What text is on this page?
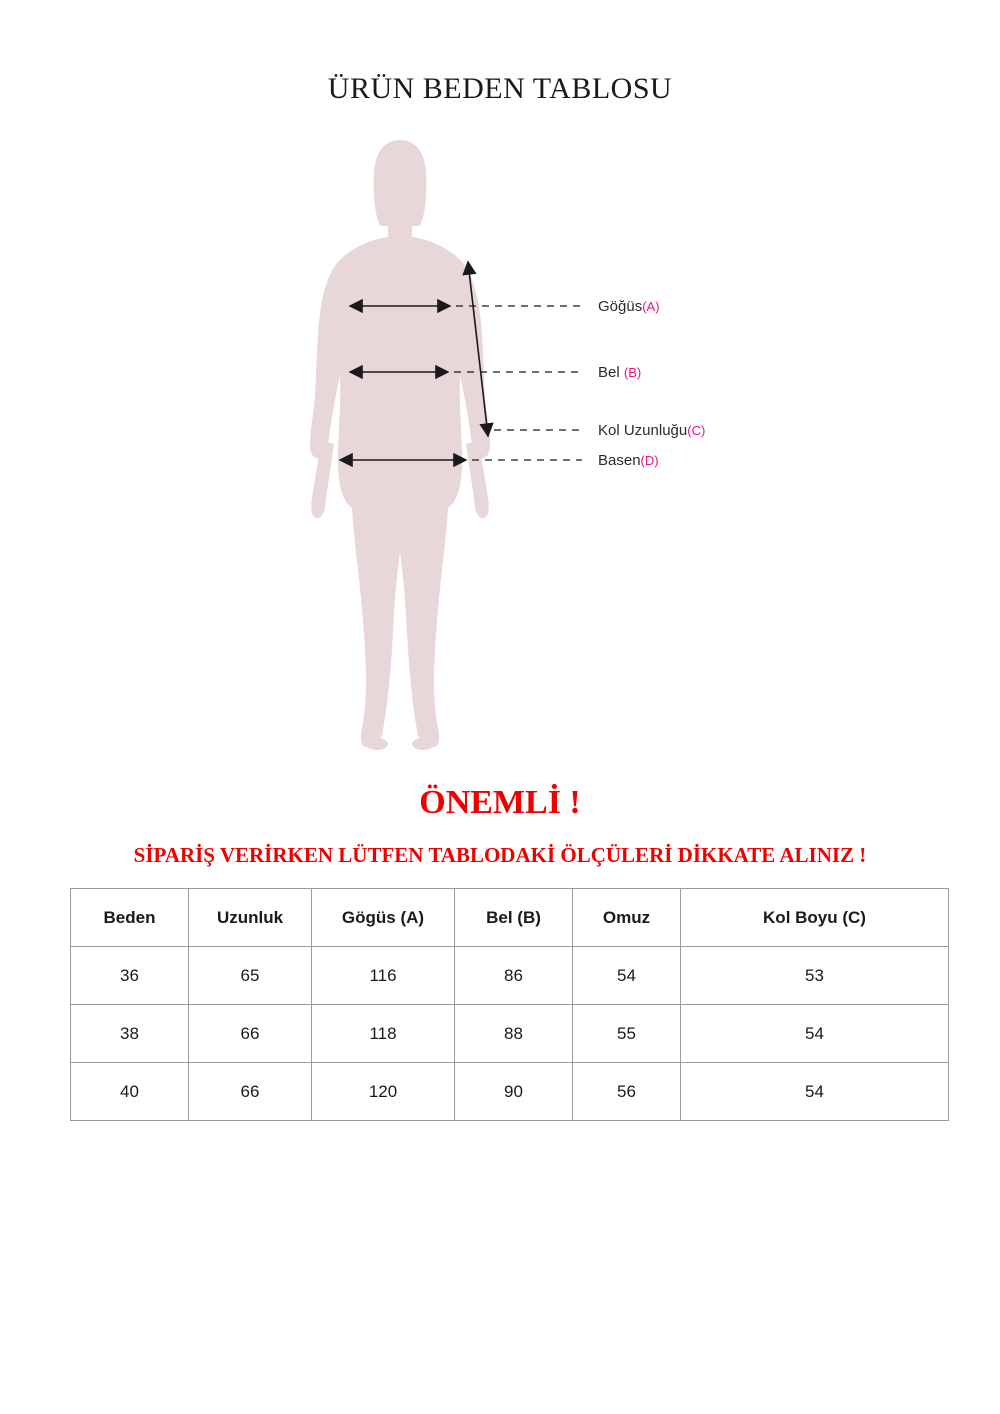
ÜRÜN BEDEN TABLOSU
Göğüs(A)
Bel (B)
Kol Uzunluğu(C)
Basen(D)
ÖNEMLİ !
SİPARİŞ VERİRKEN LÜTFEN TABLODAKİ ÖLÇÜLERİ DİKKATE ALINIZ !
Beden	Uzunluk	Gögüs (A)	Bel (B)	Omuz	Kol Boyu (C)
36	65	116	86	54	53
38	66	118	88	55	54
40	66	120	90	56	54
